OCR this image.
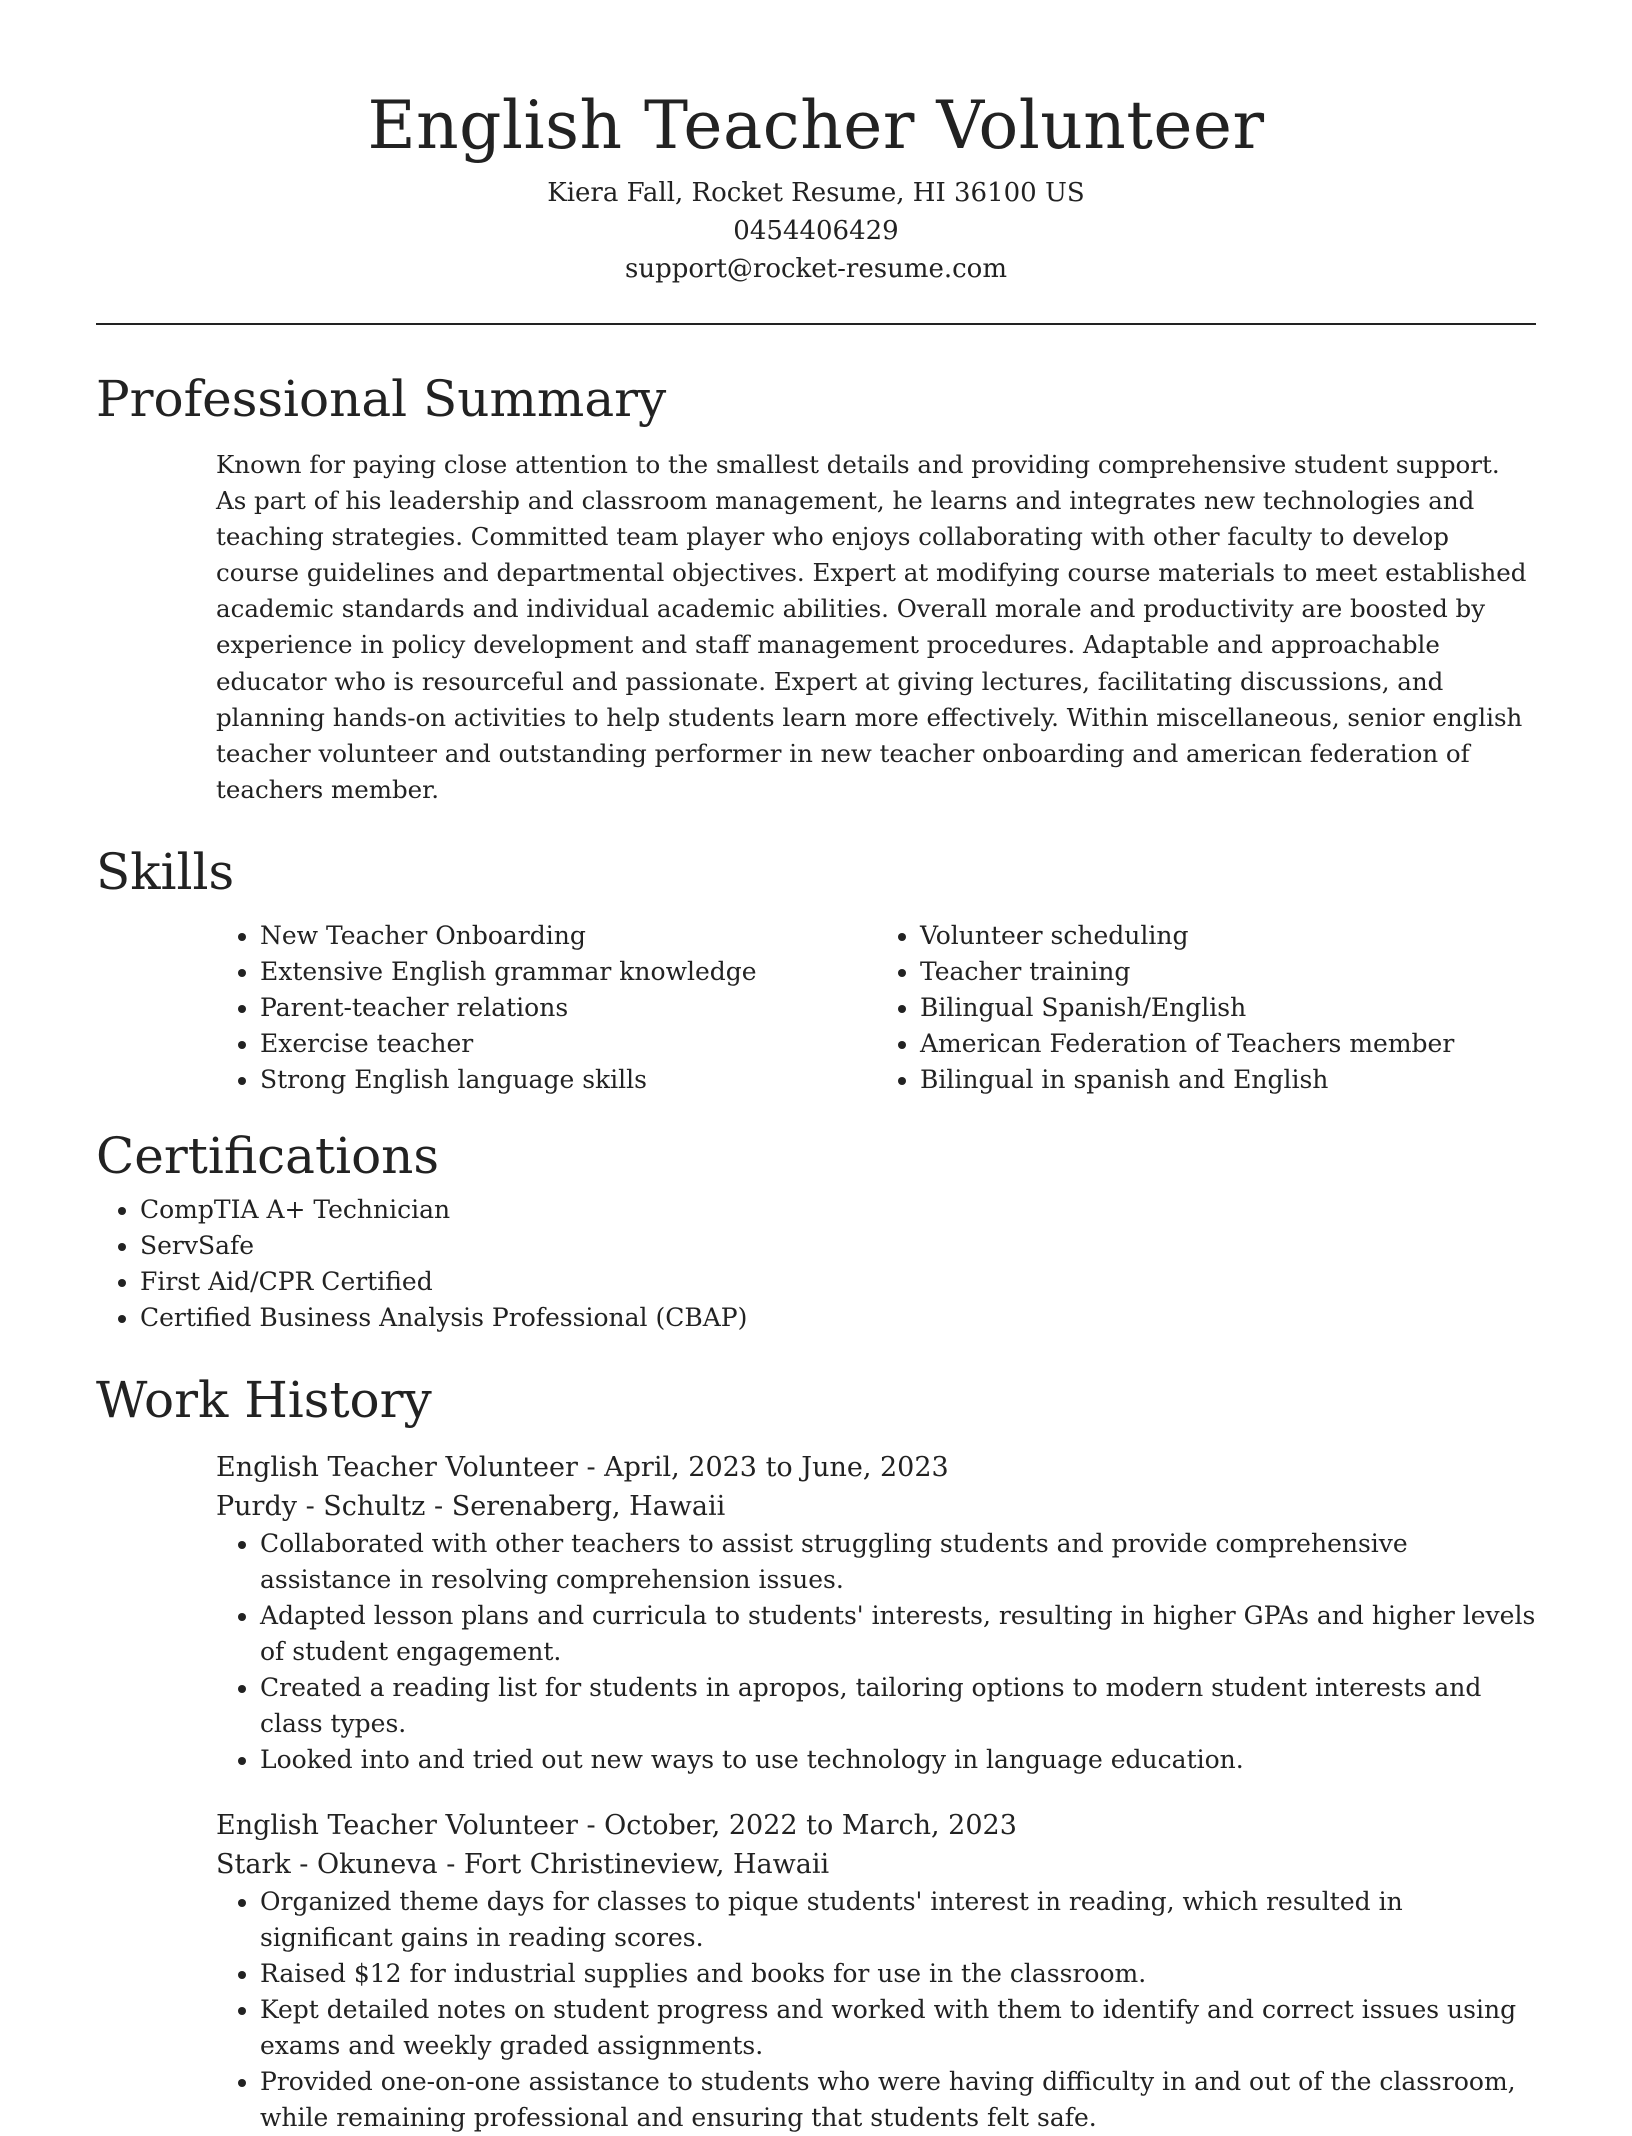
English Teacher Volunteer
Kiera Fall, Rocket Resume, HI 36100 US
0454406429
support@rocket-resume.com
Professional Summary
Known for paying close attention to the smallest details and providing comprehensive student support. As part of his leadership and classroom management, he learns and integrates new technologies and teaching strategies. Committed team player who enjoys collaborating with other faculty to develop course guidelines and departmental objectives. Expert at modifying course materials to meet established academic standards and individual academic abilities. Overall morale and productivity are boosted by experience in policy development and staff management procedures. Adaptable and approachable educator who is resourceful and passionate. Expert at giving lectures, facilitating discussions, and planning hands-on activities to help students learn more effectively. Within miscellaneous, senior english teacher volunteer and outstanding performer in new teacher onboarding and american federation of teachers member.
Skills
• New Teacher Onboarding
• Extensive English grammar knowledge
• Parent-teacher relations
• Exercise teacher
• Strong English language skills
• Volunteer scheduling
• Teacher training
• Bilingual Spanish/English
• American Federation of Teachers member
• Bilingual in spanish and English
Certifications
• CompTIA A+ Technician
• ServSafe
• First Aid/CPR Certified
• Certified Business Analysis Professional (CBAP)
Work History
English Teacher Volunteer - April, 2023 to June, 2023
Purdy - Schultz - Serenaberg, Hawaii
• Collaborated with other teachers to assist struggling students and provide comprehensive assistance in resolving comprehension issues.
• Adapted lesson plans and curricula to students' interests, resulting in higher GPAs and higher levels of student engagement.
• Created a reading list for students in apropos, tailoring options to modern student interests and class types.
• Looked into and tried out new ways to use technology in language education.
English Teacher Volunteer - October, 2022 to March, 2023
Stark - Okuneva - Fort Christineview, Hawaii
• Organized theme days for classes to pique students' interest in reading, which resulted in significant gains in reading scores.
• Raised $12 for industrial supplies and books for use in the classroom.
• Kept detailed notes on student progress and worked with them to identify and correct issues using exams and weekly graded assignments.
• Provided one-on-one assistance to students who were having difficulty in and out of the classroom, while remaining professional and ensuring that students felt safe.
